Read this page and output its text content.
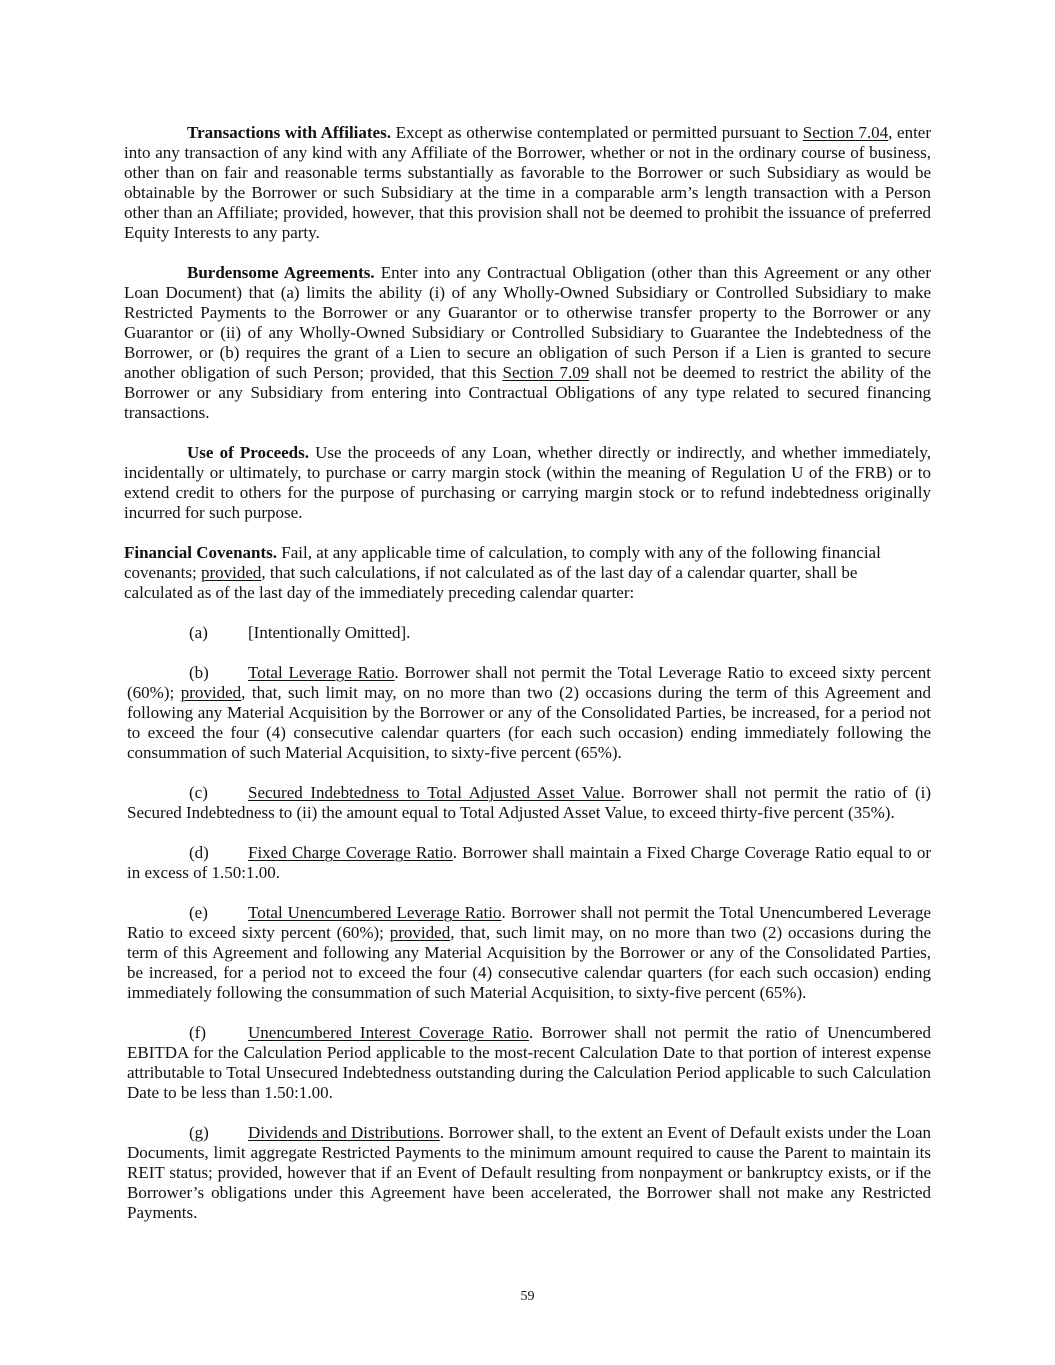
Transactions with Affiliates. Except as otherwise contemplated or permitted pursuant to Section 7.04, enter
into any transaction of any kind with any Affiliate of the Borrower, whether or not in the ordinary course of business,
other than on fair and reasonable terms substantially as favorable to the Borrower or such Subsidiary as would be
obtainable by the Borrower or such Subsidiary at the time in a comparable arm’s length transaction with a Person
other than an Affiliate; provided, however, that this provision shall not be deemed to prohibit the issuance of preferred
Equity Interests to any party.
Burdensome Agreements. Enter into any Contractual Obligation (other than this Agreement or any other
Loan Document) that (a) limits the ability (i) of any Wholly-Owned Subsidiary or Controlled Subsidiary to make
Restricted Payments to the Borrower or any Guarantor or to otherwise transfer property to the Borrower or any
Guarantor or (ii) of any Wholly-Owned Subsidiary or Controlled Subsidiary to Guarantee the Indebtedness of the
Borrower, or (b) requires the grant of a Lien to secure an obligation of such Person if a Lien is granted to secure
another obligation of such Person; provided, that this Section 7.09 shall not be deemed to restrict the ability of the
Borrower or any Subsidiary from entering into Contractual Obligations of any type related to secured financing
transactions.
Use of Proceeds. Use the proceeds of any Loan, whether directly or indirectly, and whether immediately,
incidentally or ultimately, to purchase or carry margin stock (within the meaning of Regulation U of the FRB) or to
extend credit to others for the purpose of purchasing or carrying margin stock or to refund indebtedness originally
incurred for such purpose.
Financial Covenants. Fail, at any applicable time of calculation, to comply with any of the following financial
covenants; provided, that such calculations, if not calculated as of the last day of a calendar quarter, shall be
calculated as of the last day of the immediately preceding calendar quarter:
(a) [Intentionally Omitted].
(b) Total Leverage Ratio. Borrower shall not permit the Total Leverage Ratio to exceed sixty percent
(60%); provided, that, such limit may, on no more than two (2) occasions during the term of this Agreement and
following any Material Acquisition by the Borrower or any of the Consolidated Parties, be increased, for a period not
to exceed the four (4) consecutive calendar quarters (for each such occasion) ending immediately following the
consummation of such Material Acquisition, to sixty-five percent (65%).
(c) Secured Indebtedness to Total Adjusted Asset Value. Borrower shall not permit the ratio of (i)
Secured Indebtedness to (ii) the amount equal to Total Adjusted Asset Value, to exceed thirty-five percent (35%).
(d) Fixed Charge Coverage Ratio. Borrower shall maintain a Fixed Charge Coverage Ratio equal to or
in excess of 1.50:1.00.
(e) Total Unencumbered Leverage Ratio. Borrower shall not permit the Total Unencumbered Leverage
Ratio to exceed sixty percent (60%); provided, that, such limit may, on no more than two (2) occasions during the
term of this Agreement and following any Material Acquisition by the Borrower or any of the Consolidated Parties,
be increased, for a period not to exceed the four (4) consecutive calendar quarters (for each such occasion) ending
immediately following the consummation of such Material Acquisition, to sixty-five percent (65%).
(f) Unencumbered Interest Coverage Ratio. Borrower shall not permit the ratio of Unencumbered
EBITDA for the Calculation Period applicable to the most-recent Calculation Date to that portion of interest expense
attributable to Total Unsecured Indebtedness outstanding during the Calculation Period applicable to such Calculation
Date to be less than 1.50:1.00.
(g) Dividends and Distributions. Borrower shall, to the extent an Event of Default exists under the Loan
Documents, limit aggregate Restricted Payments to the minimum amount required to cause the Parent to maintain its
REIT status; provided, however that if an Event of Default resulting from nonpayment or bankruptcy exists, or if the
Borrower’s obligations under this Agreement have been accelerated, the Borrower shall not make any Restricted
Payments.
59
